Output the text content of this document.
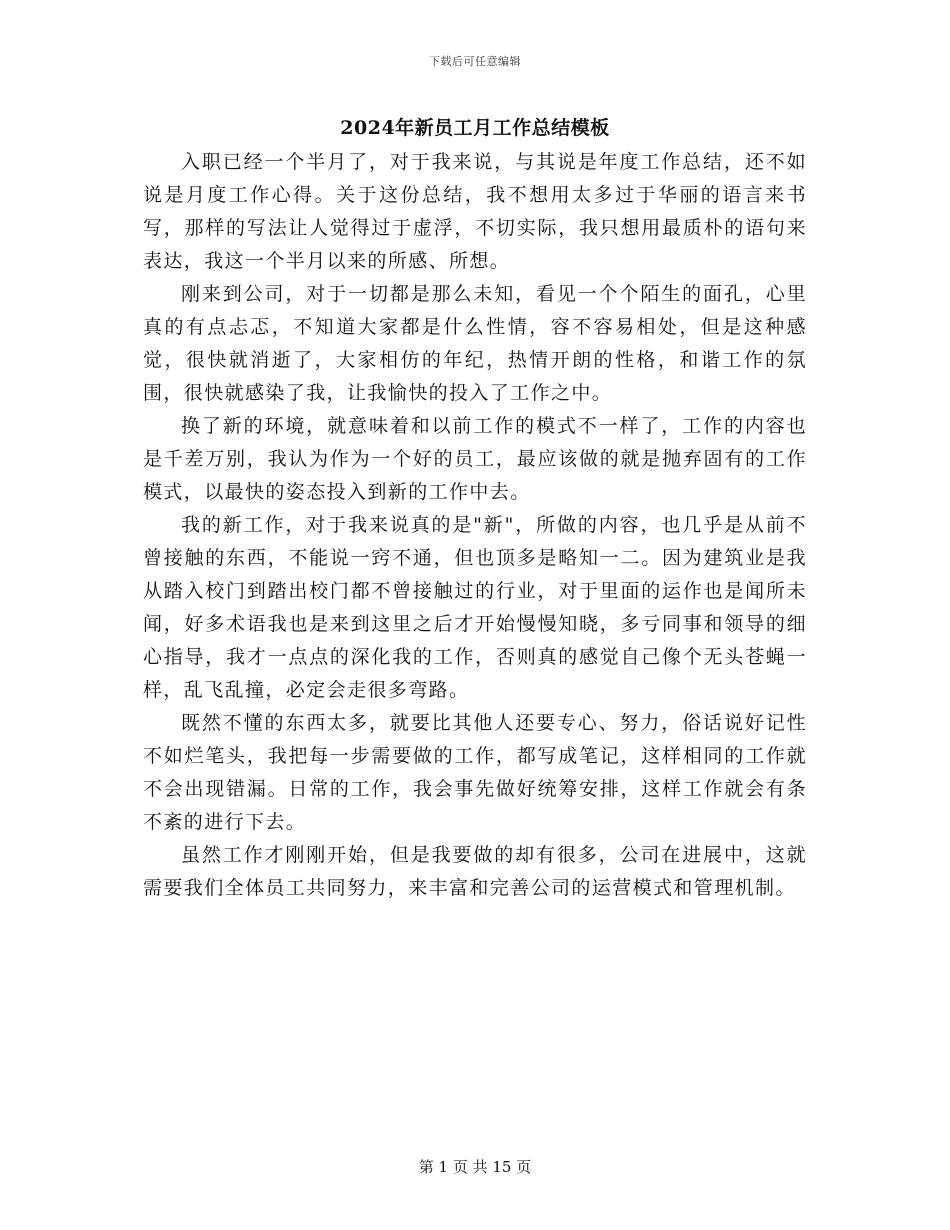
下载后可任意编辑
2024年新员工月工作总结模板

入职已经一个半月了，对于我来说，与其说是年度工作总结，还不如说是月度工作心得。关于这份总结，我不想用太多过于华丽的语言来书写，那样的写法让人觉得过于虚浮，不切实际，我只想用最质朴的语句来表达，我这一个半月以来的所感、所想。

刚来到公司，对于一切都是那么未知，看见一个个陌生的面孔，心里真的有点忐忑，不知道大家都是什么性情，容不容易相处，但是这种感觉，很快就消逝了，大家相仿的年纪，热情开朗的性格，和谐工作的氛围，很快就感染了我，让我愉快的投入了工作之中。

换了新的环境，就意味着和以前工作的模式不一样了，工作的内容也是千差万别，我认为作为一个好的员工，最应该做的就是抛弃固有的工作模式，以最快的姿态投入到新的工作中去。

我的新工作，对于我来说真的是"新"，所做的内容，也几乎是从前不曾接触的东西，不能说一窍不通，但也顶多是略知一二。因为建筑业是我从踏入校门到踏出校门都不曾接触过的行业，对于里面的运作也是闻所未闻，好多术语我也是来到这里之后才开始慢慢知晓，多亏同事和领导的细心指导，我才一点点的深化我的工作，否则真的感觉自己像个无头苍蝇一样，乱飞乱撞，必定会走很多弯路。

既然不懂的东西太多，就要比其他人还要专心、努力，俗话说好记性不如烂笔头，我把每一步需要做的工作，都写成笔记，这样相同的工作就不会出现错漏。日常的工作，我会事先做好统筹安排，这样工作就会有条不紊的进行下去。

虽然工作才刚刚开始，但是我要做的却有很多，公司在进展中，这就需要我们全体员工共同努力，来丰富和完善公司的运营模式和管理机制。

第 1 页 共 15 页
